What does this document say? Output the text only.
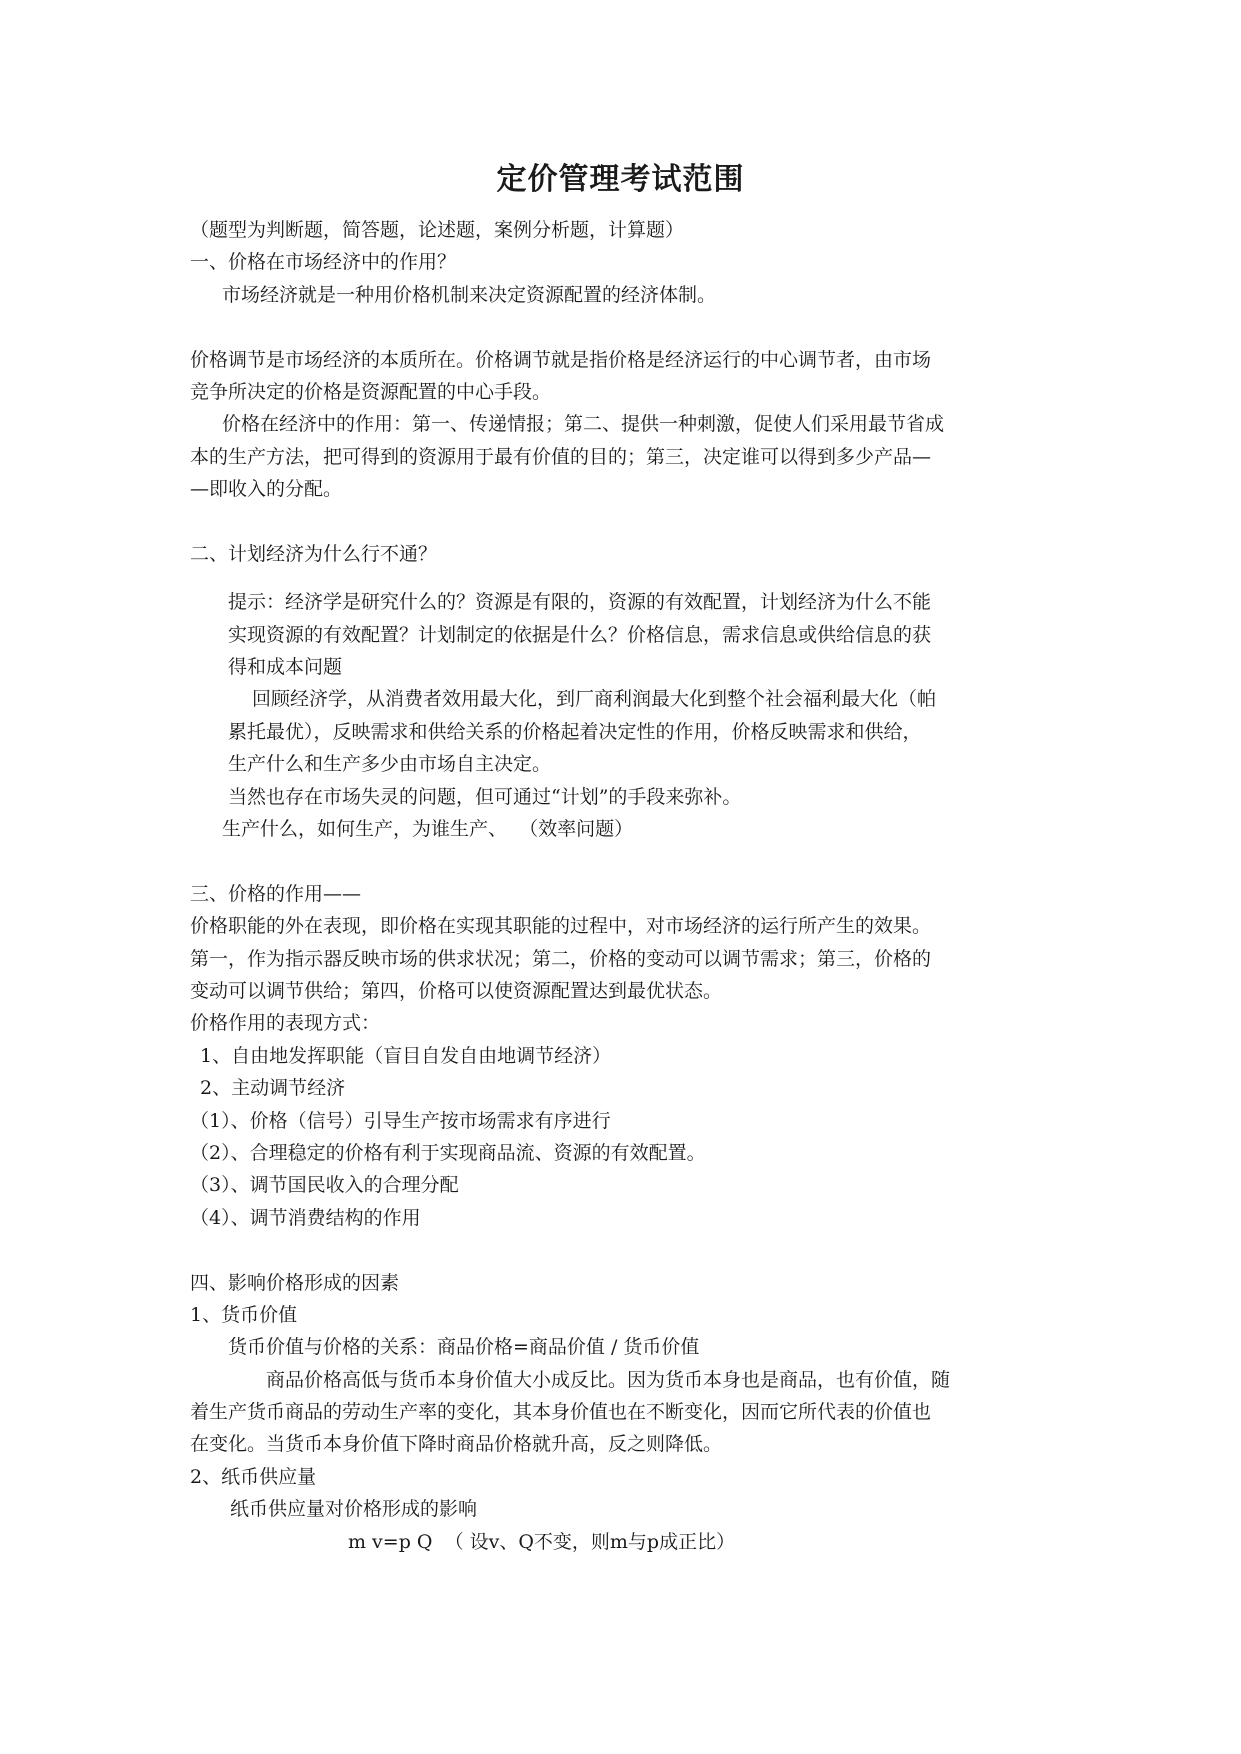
定价管理考试范围
（题型为判断题，简答题，论述题，案例分析题，计算题）
一、价格在市场经济中的作用？
市场经济就是一种用价格机制来决定资源配置的经济体制。
价格调节是市场经济的本质所在。价格调节就是指价格是经济运行的中心调节者，由市场
竞争所决定的价格是资源配置的中心手段。
价格在经济中的作用：第一、传递情报；第二、提供一种刺激，促使人们采用最节省成
本的生产方法，把可得到的资源用于最有价值的目的；第三，决定谁可以得到多少产品—
—即收入的分配。
二、计划经济为什么行不通？
提示：经济学是研究什么的？资源是有限的，资源的有效配置，计划经济为什么不能
实现资源的有效配置？计划制定的依据是什么？价格信息，需求信息或供给信息的获
得和成本问题
回顾经济学，从消费者效用最大化，到厂商利润最大化到整个社会福利最大化（帕
累托最优），反映需求和供给关系的价格起着决定性的作用，价格反映需求和供给，
生产什么和生产多少由市场自主决定。
当然也存在市场失灵的问题，但可通过“计划”的手段来弥补。
生产什么，如何生产，为谁生产、  （效率问题）
三、价格的作用——
价格职能的外在表现，即价格在实现其职能的过程中，对市场经济的运行所产生的效果。
第一，作为指示器反映市场的供求状况；第二，价格的变动可以调节需求；第三，价格的
变动可以调节供给；第四，价格可以使资源配置达到最优状态。
价格作用的表现方式：
1、自由地发挥职能（盲目自发自由地调节经济）
2、主动调节经济
（1）、价格（信号）引导生产按市场需求有序进行
（2）、合理稳定的价格有利于实现商品流、资源的有效配置。
（3）、调节国民收入的合理分配
（4）、调节消费结构的作用
四、影响价格形成的因素
1、货币价值
货币价值与价格的关系：商品价格=商品价值 / 货币价值
商品价格高低与货币本身价值大小成反比。因为货币本身也是商品，也有价值，随
着生产货币商品的劳动生产率的变化，其本身价值也在不断变化，因而它所代表的价值也
在变化。当货币本身价值下降时商品价格就升高，反之则降低。
2、纸币供应量
纸币供应量对价格形成的影响
m v=p Q  （ 设v、Q不变，则m与p成正比）
